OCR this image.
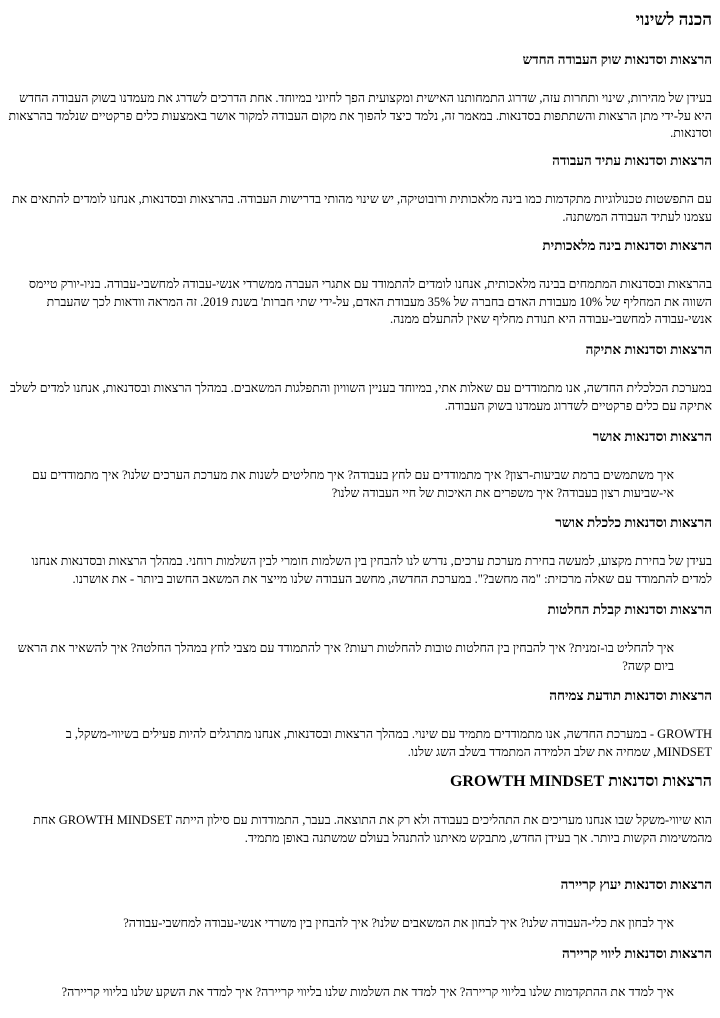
הכנה לשינוי
הרצאות וסדנאות שוק העבודה החדש

בעידן של מהירות, שינוי ותחרות עזה, שדרוג התמחותנו האישית ומקצועית הפך לחיוני במיוחד. אחת הדרכים לשדרג את מעמדנו בשוק העבודה החדש היא על-ידי מתן הרצאות והשתתפות בסדנאות. במאמר זה, נלמד כיצד להפוך את מקום העבודה למקור אושר באמצעות כלים פרקטיים שנלמד בהרצאות וסדנאות.

הרצאות וסדנאות עתיד העבודה

עם התפשטות טכנולוגיות מתקדמות כמו בינה מלאכותית ורובוטיקה, יש שינוי מהותי בדרישות העבודה. בהרצאות ובסדנאות, אנחנו לומדים להתאים את עצמנו לעתיד העבודה המשתנה.

הרצאות וסדנאות בינה מלאכותית

בהרצאות ובסדנאות המתמחים בבינה מלאכותית, אנחנו לומדים להתמודד עם אתגרי העברה ממשרדי אנשי-עבודה למחשבי-עבודה. בניו-יורק טיימס השווה את המחליף של 10% מעבודת האדם בחברה של 35% מעבודת האדם, על-ידי שתי חברות' בשנת 2019. זה המראה וודאות לכך שהעברת אנשי-עבודה למחשבי-עבודה היא תנודת מחליף שאין להתעלם ממנה.

הרצאות וסדנאות אתיקה

במערכת הכלכלית החדשה, אנו מתמודדים עם שאלות אתי, במיוחד בעניין השוויון והתפלגות המשאבים. במהלך הרצאות ובסדנאות, אנחנו למדים לשלב אתיקה עם כלים פרקטיים לשדרוג מעמדנו בשוק העבודה.

הרצאות וסדנאות אושר

איך משתמשים ברמת שביעות-רצון? איך מתמודדים עם לחץ בעבודה? איך מחליטים לשנות את מערכת הערכים שלנו? איך מתמודדים עם אי-שביעות רצון בעבודה? איך משפרים את האיכות של חיי העבודה שלנו?

הרצאות וסדנאות כלכלת אושר

בעידן של בחירת מקצוע, למעשה בחירת מערכת ערכים, נדרש לנו להבחין בין השלמות חומרי לבין השלמות רוחני. במהלך הרצאות ובסדנאות אנחנו למדים להתמודד עם שאלה מרכזית: "מה מחשב?". במערכת החדשה, מחשב העבודה שלנו מייצר את המשאב החשוב ביותר - את אושרנו.

הרצאות וסדנאות קבלת החלטות

איך להחליט בו-זמנית? איך להבחין בין החלטות טובות להחלטות רעות? איך להתמודד עם מצבי לחץ במהלך החלטה? איך להשאיר את הראש ביום קשה?

הרצאות וסדנאות תודעת צמיחה

GROWTH - במערכת החדשה, אנו מתמודדים מתמיד עם שינוי. במהלך הרצאות ובסדנאות, אנחנו מתרגלים להיות פעילים בשיווי-משקל, ב MINDSET, שמחיה את שלב הלמידה המתמדד בשלב השג שלנו.

הרצאות וסדנאות GROWTH MINDSET

הוא שיווי-משקל שבו אנחנו מעריכים את התהליכים בעבודה ולא רק את התוצאה. בעבר, התמודדות עם סילון הייתה GROWTH MINDSET אחת מהמשימות הקשות ביותר. אך בעידן החדש, מתבקש מאיתנו להתנהל בעולם שמשתנה באופן מתמיד.

הרצאות וסדנאות יעוץ קריירה

איך לבחון את כלי-העבודה שלנו? איך לבחון את המשאבים שלנו? איך להבחין בין משרדי אנשי-עבודה למחשבי-עבודה?

הרצאות וסדנאות ליווי קריירה

איך למדד את ההתקדמות שלנו בליווי קריירה? איך למדד את השלמות שלנו בליווי קריירה? איך למדד את השקע שלנו בליווי קריירה?
